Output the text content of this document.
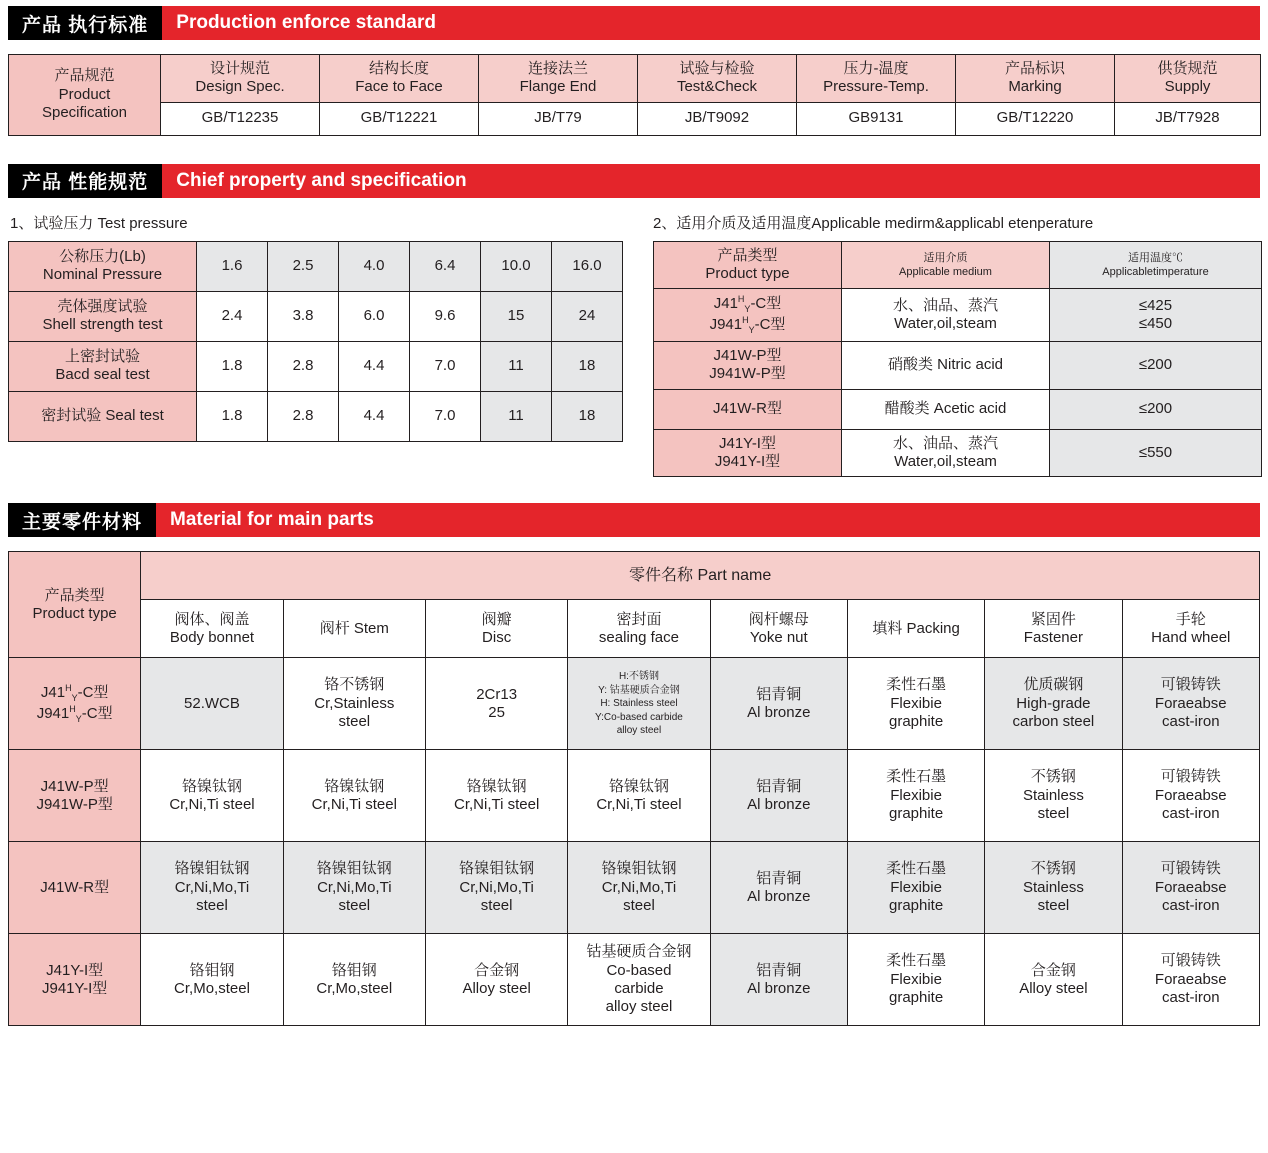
产品 执行标准	Production enforce standard
产品规范
Product
Specification	设计规范
Design Spec.	结构长度
Face to Face	连接法兰
Flange End	试验与检验
Test&Check	压力-温度
Pressure-Temp.	产品标识
Marking	供货规范
Supply

	GB/T12235	GB/T12221	JB/T79	JB/T9092	GB9131	GB/T12220	JB/T7928
产品 性能规范	Chief property and specification
1、试验压力 Test pressure
公称压力(Lb)
Nominal Pressure	1.6	2.5	4.0	6.4	10.0	16.0

壳体强度试验
Shell strength test	2.4	3.8	6.0	9.6	15	24

上密封试验
Bacd seal test	1.8	2.8	4.4	7.0	11	18

密封试验 Seal test	1.8	2.8	4.4	7.0	11	18
2、适用介质及适用温度Applicable medirm&applicabl etenperature
产品类型
Product type	适用介质
Applicable medium	适用温度℃
Applicabletimperature

$J41^H_Y‑C$型
$J941^H_Y‑C$型	水、油品、蒸汽
Water,oil,steam	≤425
≤450

J41W-P型
J941W-P型	硝酸类 Nitric acid	≤200
J41W-R型	醋酸类 Acetic acid	≤200

J41Y-I型
J941Y-I型	水、油品、蒸汽
Water,oil,steam	≤550
主要零件材料	Material for main parts
产品类型
Product type	零件名称 Part name							

	阀体、阀盖
Body bonnet	阀杆 Stem	阀瓣
Disc	密封面
sealing face	阀杆螺母
Yoke nut	填料 Packing	紧固件
Fastener	手轮
Hand wheel

$J41^H_Y‑C$型
$J941^H_Y‑C$型	52.WCB	铬不锈钢
Cr,Stainless
steel	2Cr13
25	H:不锈钢
Y: 钴基硬质合金钢
H: Stainless steel
Y:Co-based carbide
alloy steel	铝青铜
Al bronze	柔性石墨
Flexibie
graphite	优质碳钢
High-grade
carbon steel	可锻铸铁
Foraeabse
cast-iron

J41W-P型
J941W-P型	铬镍钛钢
Cr,Ni,Ti steel	铬镍钛钢
Cr,Ni,Ti steel	铬镍钛钢
Cr,Ni,Ti steel	铬镍钛钢
Cr,Ni,Ti steel	铝青铜
Al bronze	柔性石墨
Flexibie
graphite	不锈钢
Stainless
steel	可锻铸铁
Foraeabse
cast-iron

J41W-R型	铬镍钼钛钢
Cr,Ni,Mo,Ti
steel	铬镍钼钛钢
Cr,Ni,Mo,Ti
steel	铬镍钼钛钢
Cr,Ni,Mo,Ti
steel	铬镍钼钛钢
Cr,Ni,Mo,Ti
steel	铝青铜
Al bronze	柔性石墨
Flexibie
graphite	不锈钢
Stainless
steel	可锻铸铁
Foraeabse
cast-iron

J41Y-I型
J941Y-I型	铬钼钢
Cr,Mo,steel	铬钼钢
Cr,Mo,steel	合金钢
Alloy steel	钴基硬质合金钢
Co-based
carbide
alloy steel	铝青铜
Al bronze	柔性石墨
Flexibie
graphite	合金钢
Alloy steel	可锻铸铁
Foraeabse
cast-iron
